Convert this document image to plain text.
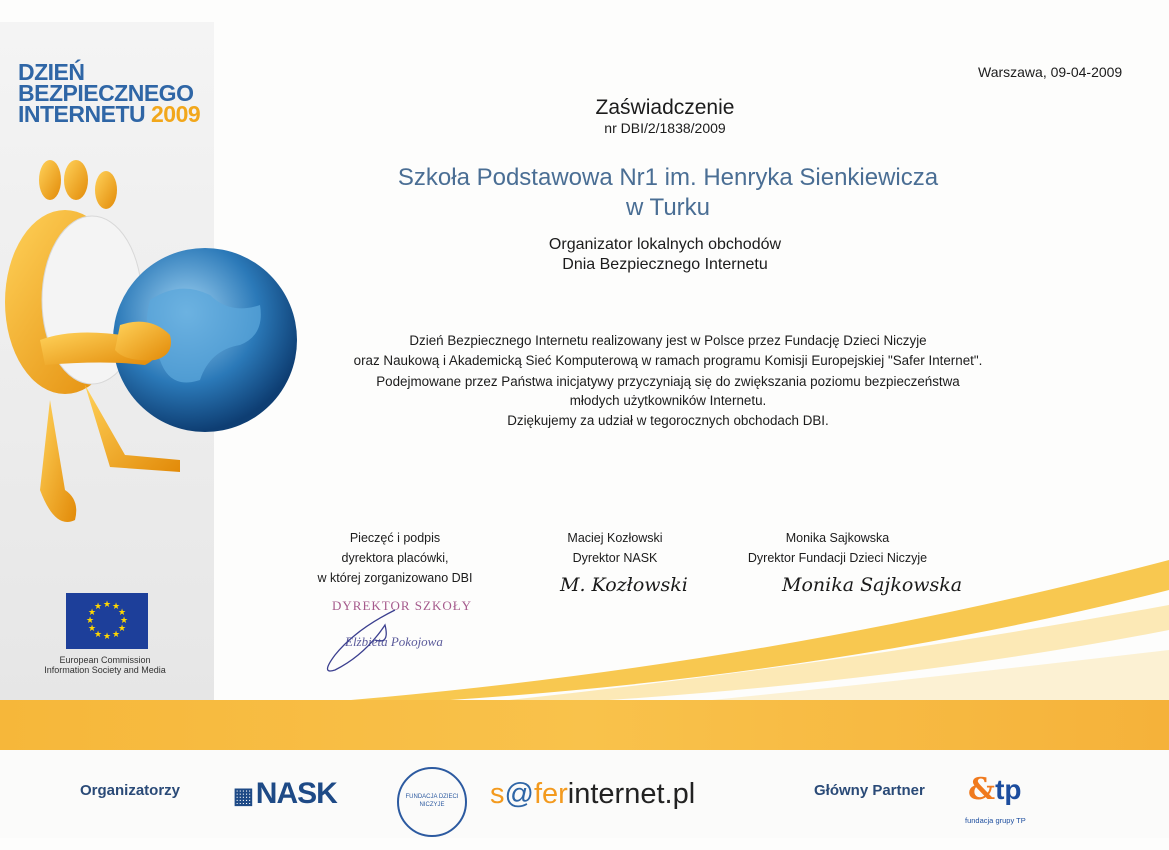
DZIEŃ
BEZPIECZNEGO
INTERNETU 2009
★ ★
★
★
★
★
★
★
★
★
★
★
European Commission
Information Society and Media
Warszawa, 09-04-2009
Zaświadczenie
nr DBI/2/1838/2009
Szkoła Podstawowa Nr1 im. Henryka Sienkiewicza
w Turku
Organizator lokalnych obchodów
Dnia Bezpiecznego Internetu
Dzień Bezpiecznego Internetu realizowany jest w Polsce przez Fundację Dzieci Niczyje
oraz Naukową i Akademicką Sieć Komputerową w ramach programu Komisji Europejskiej "Safer Internet".
Podejmowane przez Państwa inicjatywy przyczyniają się do zwiększania poziomu bezpieczeństwa
młodych użytkowników Internetu.
Dziękujemy za udział w tegorocznych obchodach DBI.
Pieczęć i podpis
dyrektora placówki,
w której zorganizowano DBI
DYREKTOR SZKOŁY
Elżbieta Pokojowa
Maciej Kozłowski
Dyrektor NASK
M. Kozłowski
Monika Sajkowska
Dyrektor Fundacji Dzieci Niczyje
Monika Sajkowska
Organizatorzy ▦ NASK	FUNDACJA DZIECI NICZYJE	s@ferinternet.pl	Główny Partner &tp
fundacja grupy TP
